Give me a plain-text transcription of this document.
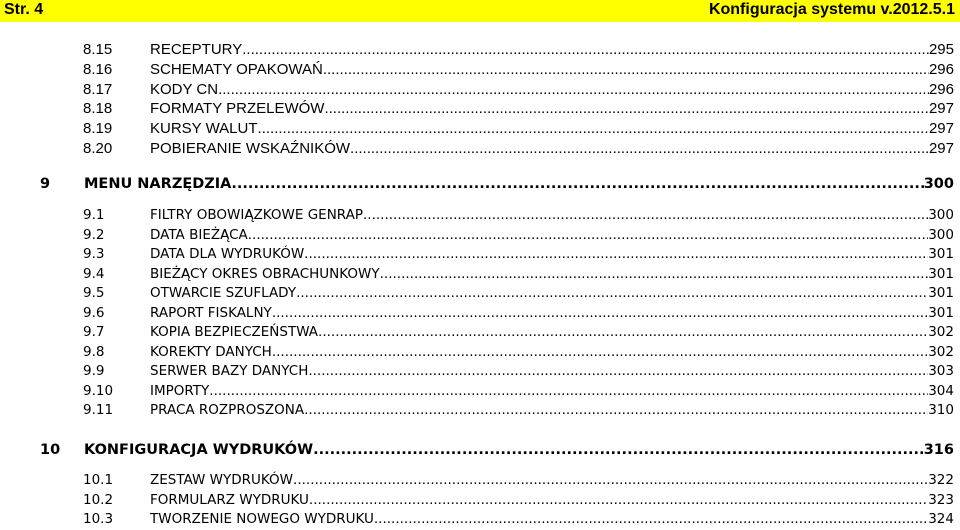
Str. 4	Konfiguracja systemu v.2012.5.1
8.15	RECEPTURY .....	295
8.16	SCHEMATY OPAKOWAŃ .....	296
8.17	KODY CN .....	296
8.18	FORMATY PRZELEWÓW .....	297
8.19	KURSY WALUT .....	297
8.20	POBIERANIE WSKAŹNIKÓW .....	297
9 MENU NARZĘDZIA .....	300
9.1	FILTRY OBOWIĄZKOWE GENRAP .....	300
9.2	DATA BIEŻĄCA .....	300
9.3	DATA DLA WYDRUKÓW .....	301
9.4	BIEŻĄCY OKRES OBRACHUNKOWY .....	301
9.5	OTWARCIE SZUFLADY .....	301
9.6	RAPORT FISKALNY .....	301
9.7	KOPIA BEZPIECZEŃSTWA .....	302
9.8	KOREKTY DANYCH .....	302
9.9	SERWER BAZY DANYCH .....	303
9.10	IMPORTY .....	304
9.11	PRACA ROZPROSZONA .....	310
10 KONFIGURACJA WYDRUKÓW .....	316
10.1	ZESTAW WYDRUKÓW .....	322
10.2	FORMULARZ WYDRUKU .....	323
10.3	TWORZENIE NOWEGO WYDRUKU .....	324
